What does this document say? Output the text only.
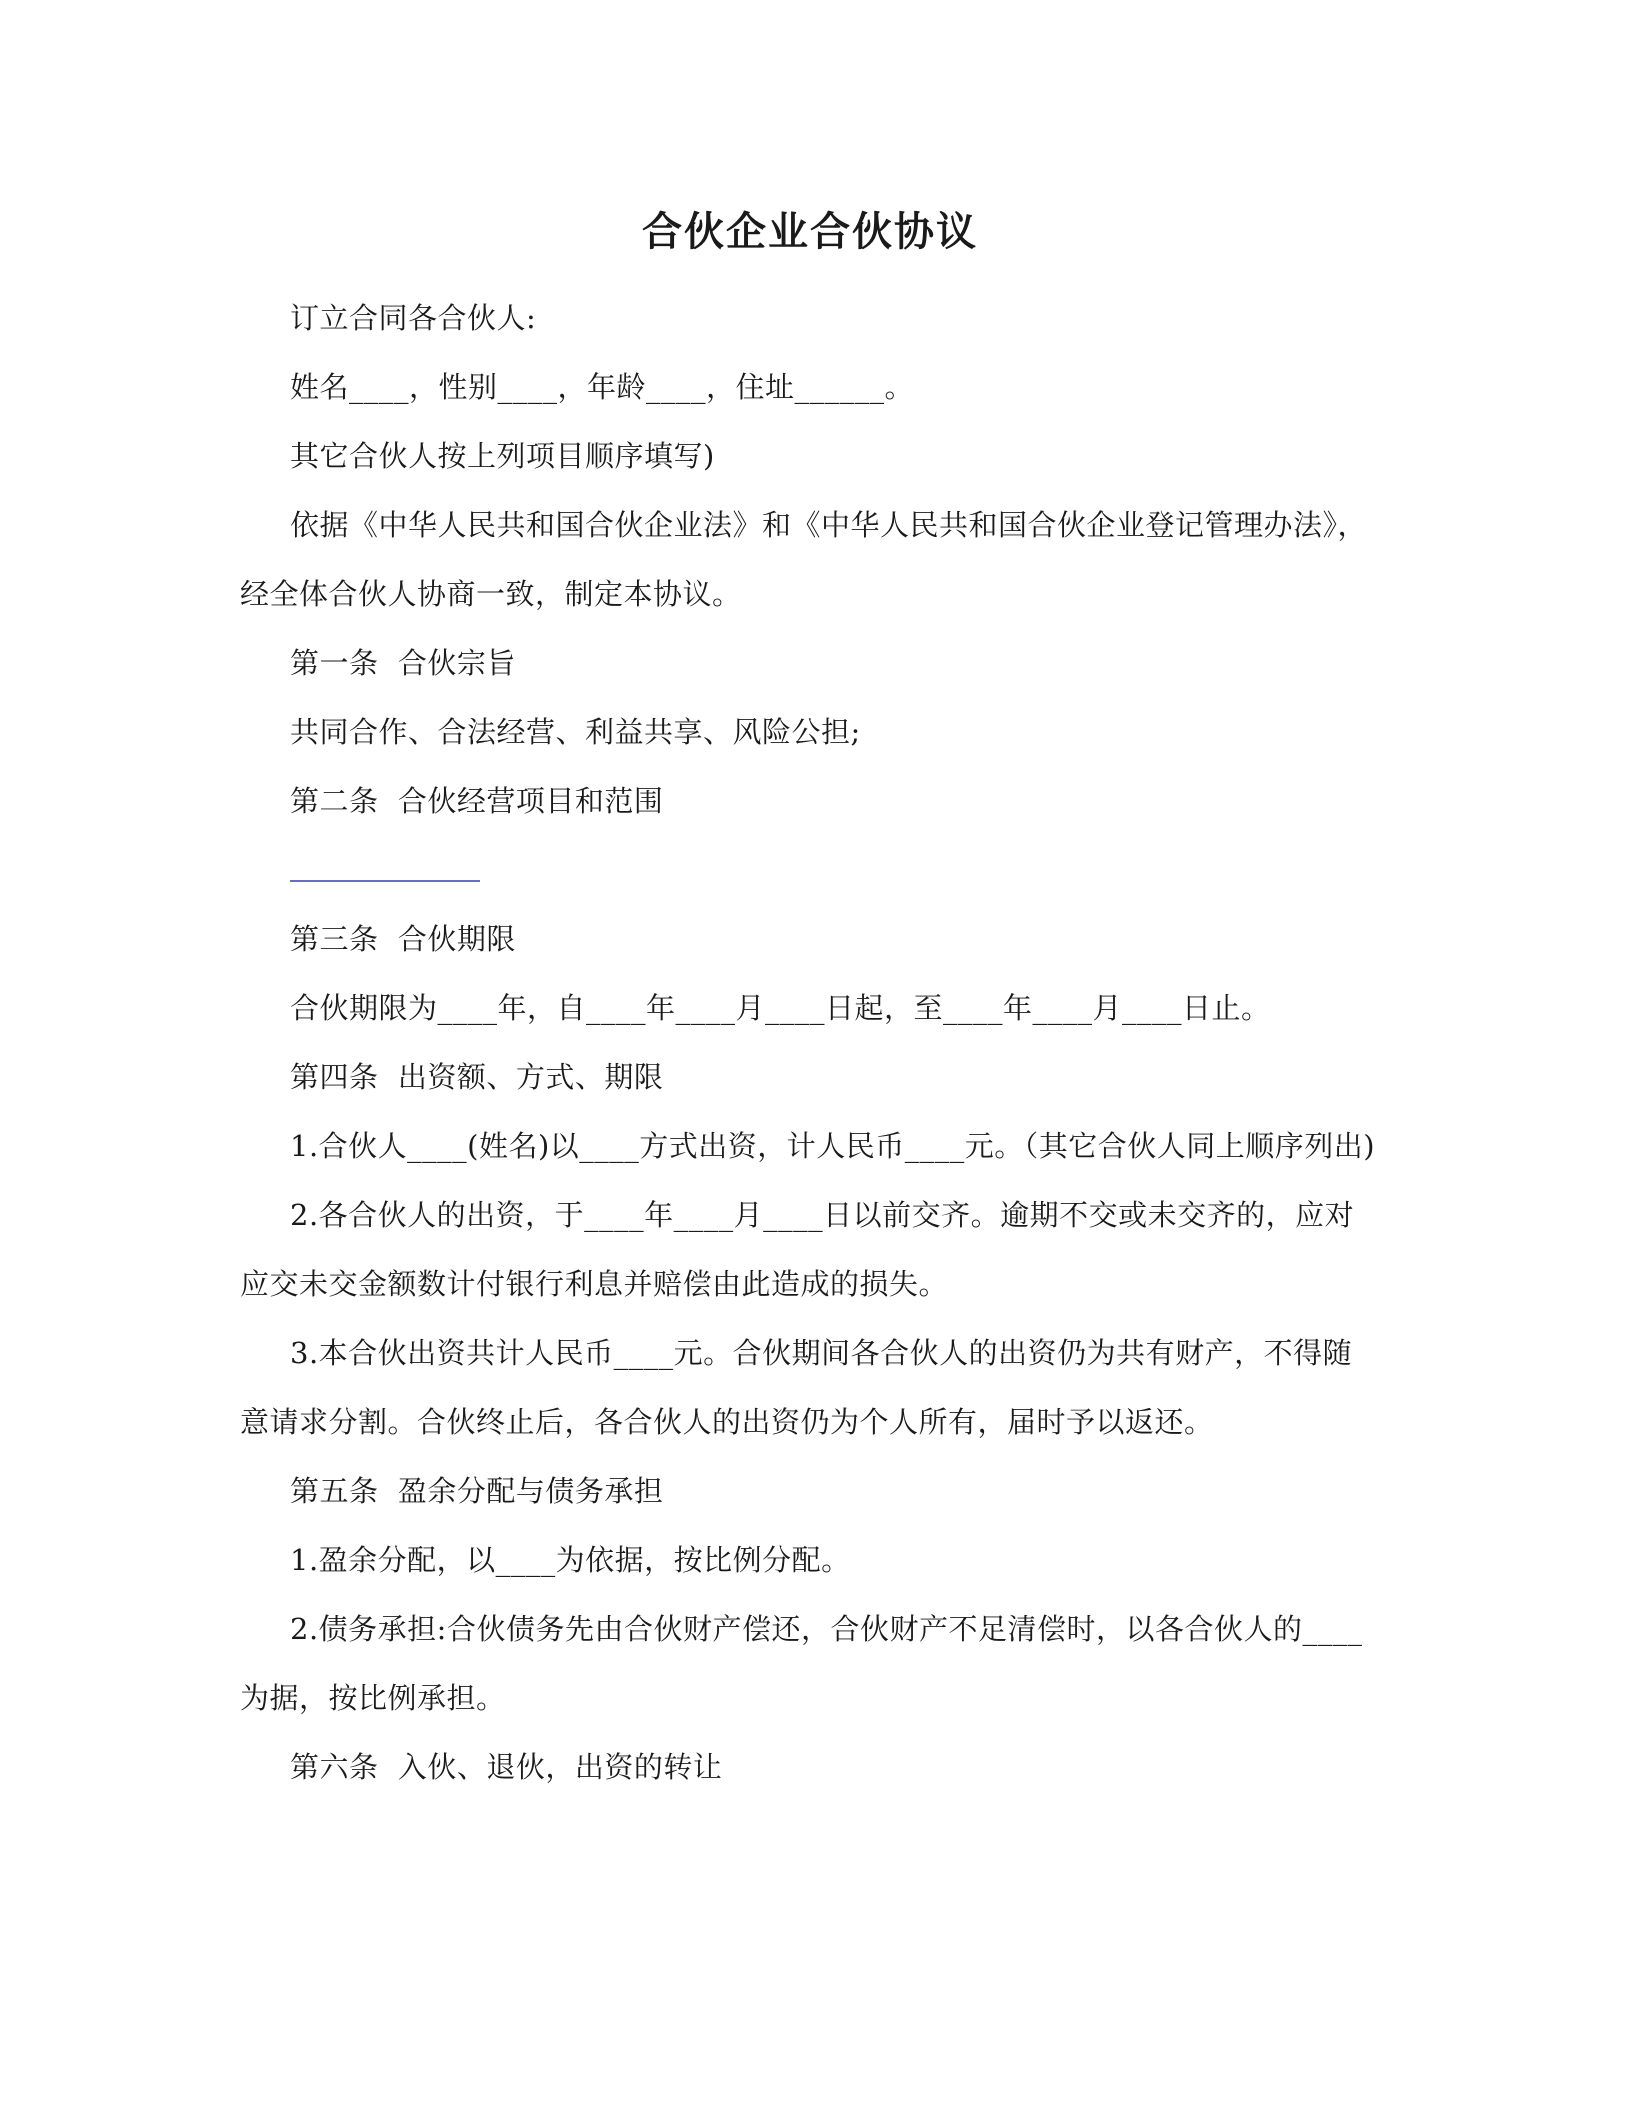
合伙企业合伙协议

订立合同各合伙人:

姓名____，性别____，年龄____，住址______。

其它合伙人按上列项目顺序填写)

依据《中华人民共和国合伙企业法》和《中华人民共和国合伙企业登记管理办法》，经全体合伙人协商一致，制定本协议。

第一条  合伙宗旨

共同合作、合法经营、利益共享、风险公担;

第二条  合伙经营项目和范围

第三条  合伙期限

合伙期限为____年，自____年____月____日起，至____年____月____日止。

第四条  出资额、方式、期限

1.合伙人____(姓名)以____方式出资，计人民币____元。（其它合伙人同上顺序列出)

2.各合伙人的出资，于____年____月____日以前交齐。逾期不交或未交齐的，应对应交未交金额数计付银行利息并赔偿由此造成的损失。

3.本合伙出资共计人民币____元。合伙期间各合伙人的出资仍为共有财产，不得随意请求分割。合伙终止后，各合伙人的出资仍为个人所有，届时予以返还。

第五条  盈余分配与债务承担

1.盈余分配，以____为依据，按比例分配。

2.债务承担:合伙债务先由合伙财产偿还，合伙财产不足清偿时，以各合伙人的____为据，按比例承担。

第六条  入伙、退伙，出资的转让
